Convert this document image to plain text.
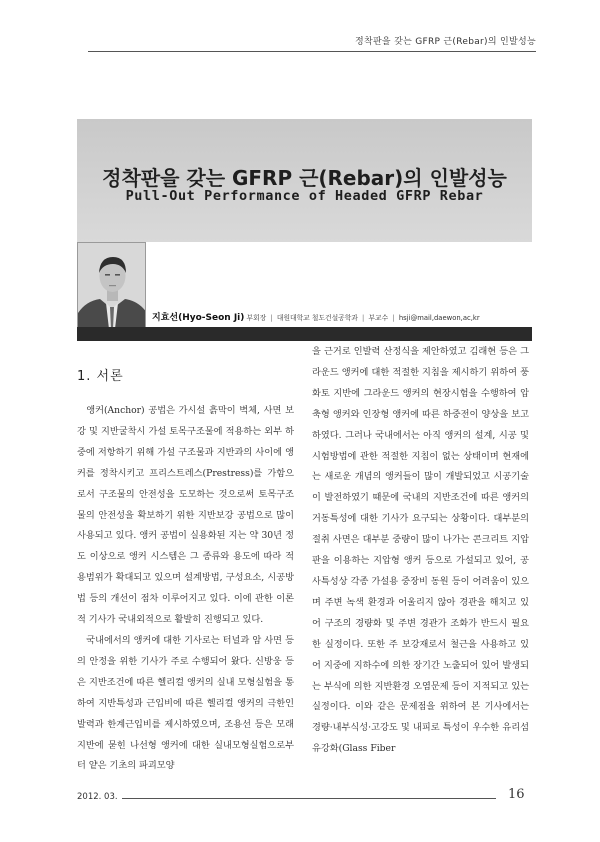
정착판을 갖는 GFRP 근(Rebar)의 인발성능
정착판을 갖는 GFRP 근(Rebar)의 인발성능
Pull-Out Performance of Headed GFRP Rebar
지효선(Hyo-Seon Ji) 부회장 | 대원대학교 철도건설공학과 | 부교수 | hsji@mail,daewon,ac,kr
1. 서론

앵커(Anchor) 공법은 가시설 흙막이 벽체, 사면 보강 및 지반굴착시 가설 토목구조물에 적용하는 외부 하중에 저항하기 위해 가설 구조물과 지반과의 사이에 앵커를 정착시키고 프리스트레스(Prestress)를 가함으로서 구조물의 안전성을 도모하는 것으로써 토목구조물의 안전성을 확보하기 위한 지반보강 공법으로 많이 사용되고 있다. 앵커 공법이 실용화된 지는 약 30년 정도 이상으로 앵커 시스템은 그 종류와 용도에 따라 적용범위가 확대되고 있으며 설계방법, 구성요소, 시공방법 등의 개선이 점차 이루어지고 있다. 이에 관한 이론적 기사가 국내외적으로 활발히 진행되고 있다.

국내에서의 앵커에 대한 기사로는 터널과 암 사면 등의 안정을 위한 기사가 주로 수행되어 왔다. 신방웅 등은 지반조건에 따른 헬리컬 앵커의 실내 모형실험을 통하여 지반특성과 근입비에 따른 헬리컬 앵커의 극한인발력과 한계근입비를 제시하였으며, 조용선 등은 모래지반에 묻힌 나선형 앵커에 대한 실내모형실험으로부터 얕은 기초의 파괴모양

을 근거로 인발력 산정식을 제안하였고 김래현 등은 그라운드 앵커에 대한 적절한 지침을 제시하기 위하여 풍화토 지반에 그라운드 앵커의 현장시험을 수행하여 압축형 앵커와 인장형 앵커에 따른 하중전이 양상을 보고하였다. 그러나 국내에서는 아직 앵커의 설계, 시공 및 시험방법에 관한 적절한 지침이 없는 상태이며 현재에는 새로운 개념의 앵커들이 많이 개발되었고 시공기술이 발전하였기 때문에 국내의 지반조건에 따른 앵커의 거동특성에 대한 기사가 요구되는 상황이다. 대부분의 절취 사면은 대부분 중량이 많이 나가는 콘크리트 지압판을 이용하는 지압형 앵커 등으로 가설되고 있어, 공사특성상 각종 가설용 중장비 동원 등이 어려움이 있으며 주변 녹색 환경과 어울리지 않아 경관을 해치고 있어 구조의 경량화 및 주변 경관가 조화가 반드시 필요한 실정이다. 또한 주 보강재로서 철근을 사용하고 있어 지중에 지하수에 의한 장기간 노출되어 있어 발생되는 부식에 의한 지반환경 오염문제 등이 지적되고 있는 실정이다. 이와 같은 문제점을 위하여 본 기사에서는 경량·내부식성·고강도 및 내피로 특성이 우수한 유리섬유강화(Glass Fiber

2012. 03.	16
